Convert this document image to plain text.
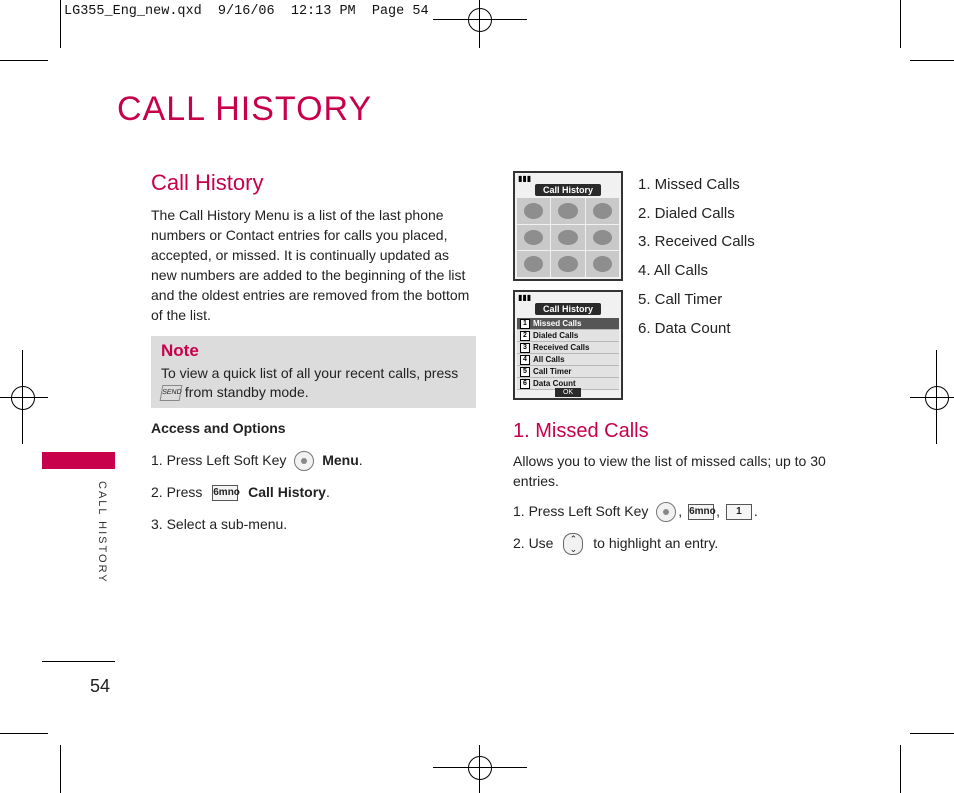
LG355_Eng_new.qxd  9/16/06  12:13 PM  Page 54
CALL HISTORY
CALL HISTORY
54
Call History
The Call History Menu is a list of the last phone numbers or Contact entries for calls you placed, accepted, or missed. It is continually updated as new numbers are added to the beginning of the list and the oldest entries are removed from the bottom of the list.
Note
To view a quick list of all your recent calls, press
SEND from standby mode.
Access and Options
1. Press Left Soft Key	Menu.
2. Press 6mno Call History.
3. Select a sub-menu.
▮▮▮
Call History
▮▮▮
Call History
1 Missed Calls
2 Dialed Calls
3 Received Calls
4 All Calls
5 Call Timer
6 Data Count
OK
1. Missed Calls
2. Dialed Calls
3. Received Calls
4. All Calls
5. Call Timer
6. Data Count
1. Missed Calls
Allows you to view the list of missed calls; up to 30 entries.
1. Press Left Soft Key , 6mno, 1 .
2. Use ⌃
⌄ to highlight an entry.
